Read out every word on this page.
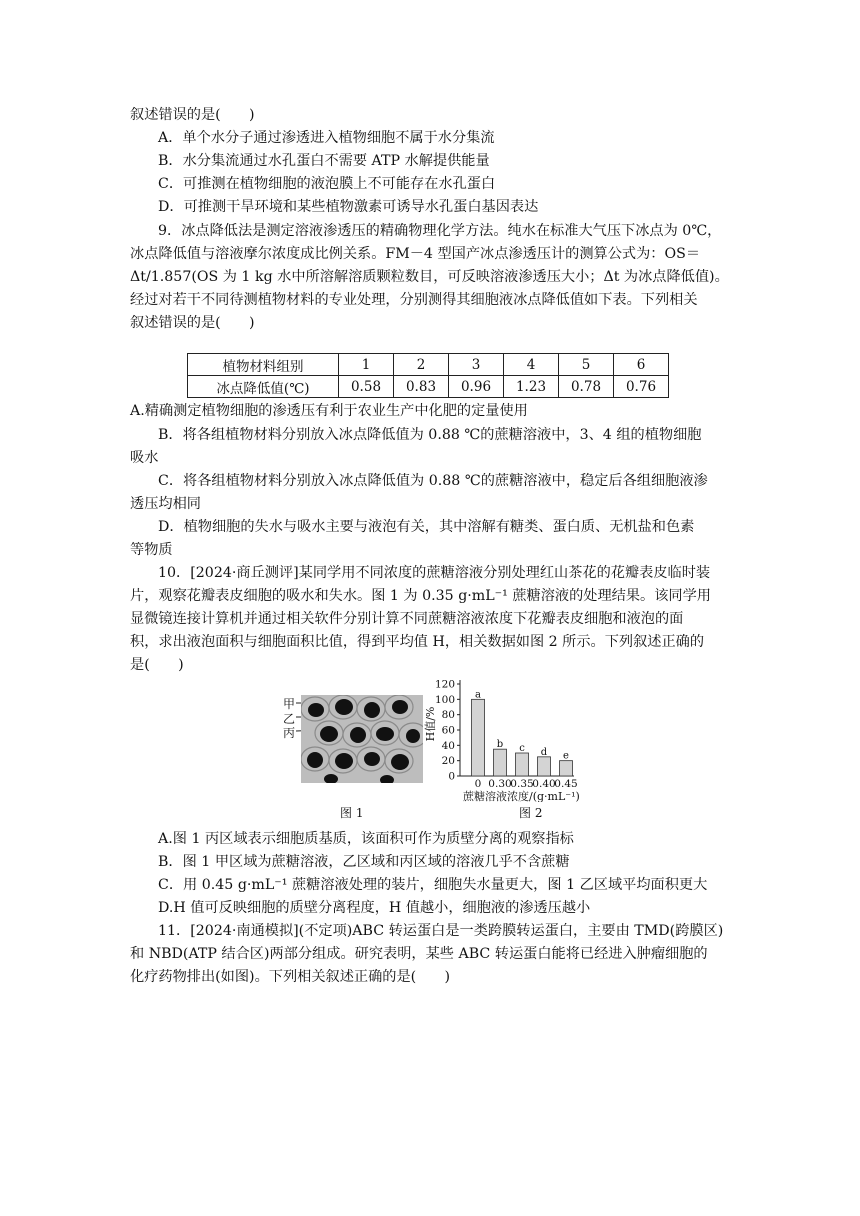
叙述错误的是(　　)
A．单个水分子通过渗透进入植物细胞不属于水分集流
B．水分集流通过水孔蛋白不需要 ATP 水解提供能量
C．可推测在植物细胞的液泡膜上不可能存在水孔蛋白
D．可推测干旱环境和某些植物激素可诱导水孔蛋白基因表达
9．冰点降低法是测定溶液渗透压的精确物理化学方法。纯水在标准大气压下冰点为 0℃，
冰点降低值与溶液摩尔浓度成比例关系。FM－4 型国产冰点渗透压计的测算公式为：OS＝
Δt/1.857(OS 为 1 kg 水中所溶解溶质颗粒数目，可反映溶液渗透压大小；Δt 为冰点降低值)。
经过对若干不同待测植物材料的专业处理，分别测得其细胞液冰点降低值如下表。下列相关
叙述错误的是(　　)
植物材料组别	1	2	3	4	5	6
冰点降低值(℃)	0.58	0.83	0.96	1.23	0.78	0.76
A.精确测定植物细胞的渗透压有利于农业生产中化肥的定量使用
B．将各组植物材料分别放入冰点降低值为 0.88 ℃的蔗糖溶液中，3、4 组的植物细胞
吸水
C．将各组植物材料分别放入冰点降低值为 0.88 ℃的蔗糖溶液中，稳定后各组细胞液渗
透压均相同
D．植物细胞的失水与吸水主要与液泡有关，其中溶解有糖类、蛋白质、无机盐和色素
等物质
10．[2024·商丘测评]某同学用不同浓度的蔗糖溶液分别处理红山茶花的花瓣表皮临时装
片，观察花瓣表皮细胞的吸水和失水。图 1 为 0.35 g·mL⁻¹ 蔗糖溶液的处理结果。该同学用
显微镜连接计算机并通过相关软件分别计算不同蔗糖溶液浓度下花瓣表皮细胞和液泡的面
积，求出液泡面积与细胞面积比值，得到平均值 H，相关数据如图 2 所示。下列叙述正确的
是(　　)
甲
乙
丙
图 1
0
20
40
60
80
100
120
H值/%
a
0
b
0.30
c
0.35
d
0.40
e
0.45
蔗糖溶液浓度/(g·mL⁻¹)
图 2
A.图 1 丙区域表示细胞质基质，该面积可作为质壁分离的观察指标
B．图 1 甲区域为蔗糖溶液，乙区域和丙区域的溶液几乎不含蔗糖
C．用 0.45 g·mL⁻¹ 蔗糖溶液处理的装片，细胞失水量更大，图 1 乙区域平均面积更大
D.H 值可反映细胞的质壁分离程度，H 值越小，细胞液的渗透压越小
11．[2024·南通模拟](不定项)ABC 转运蛋白是一类跨膜转运蛋白，主要由 TMD(跨膜区)
和 NBD(ATP 结合区)两部分组成。研究表明，某些 ABC 转运蛋白能将已经进入肿瘤细胞的
化疗药物排出(如图)。下列相关叙述正确的是(　　)
